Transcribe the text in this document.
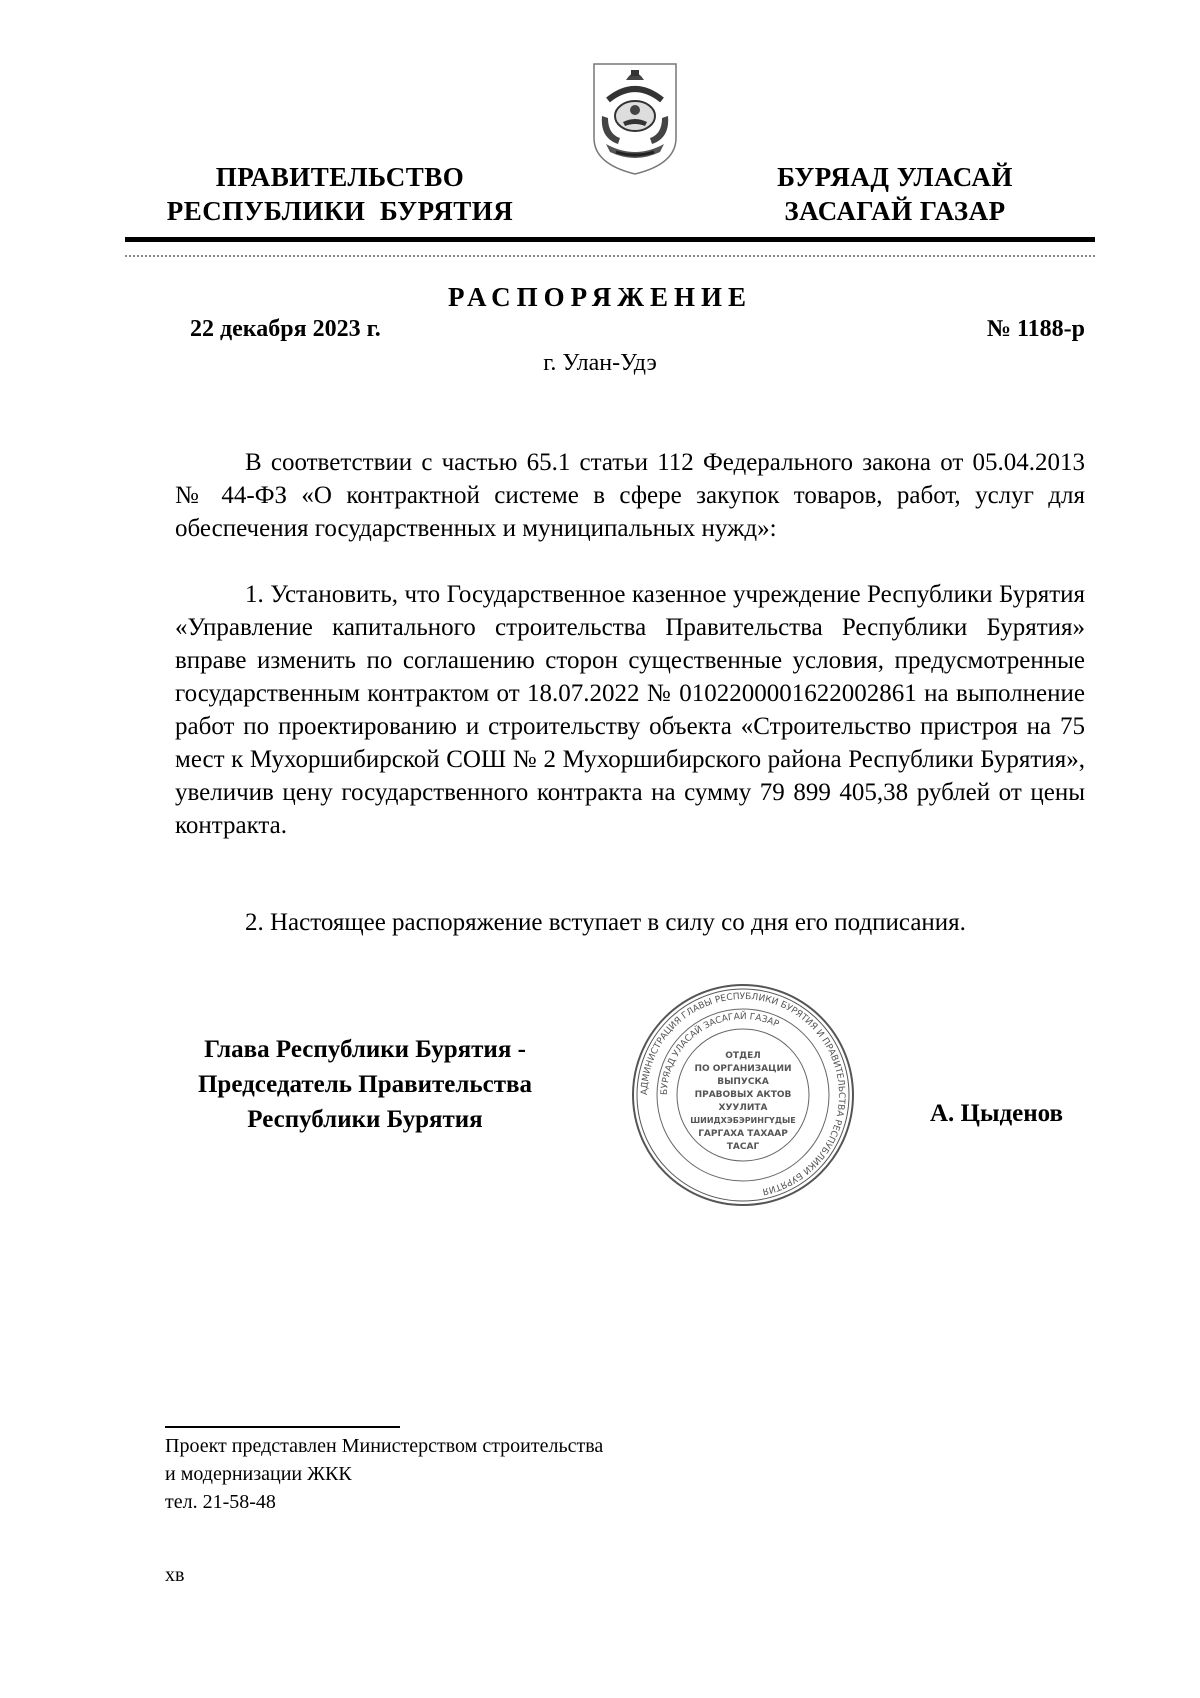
ПРАВИТЕЛЬСТВО
РЕСПУБЛИКИ  БУРЯТИЯ
БУРЯАД УЛАСАЙ
ЗАСАГАЙ ГАЗАР
РАСПОРЯЖЕНИЕ
22 декабря 2023 г.	№ 1188-р
г. Улан-Удэ

В соответствии с частью 65.1 статьи 112 Федерального закона от 05.04.2013 № 44-ФЗ «О контрактной системе в сфере закупок товаров, работ, услуг для обеспечения государственных и муниципальных нужд»:

1. Установить, что Государственное казенное учреждение Республики Бурятия «Управление капитального строительства Правительства Республики Бурятия» вправе изменить по соглашению сторон существенные условия, предусмотренные государственным контрактом от 18.07.2022 № 0102200001622002861 на выполнение работ по проектированию и строительству объекта «Строительство пристроя на 75 мест к Мухоршибирской СОШ № 2 Мухоршибирского района Республики Бурятия», увеличив цену государственного контракта на сумму 79 899 405,38 рублей от цены контракта.

2. Настоящее распоряжение вступает в силу со дня его подписания.

Глава Республики Бурятия -
Председатель Правительства
Республики Бурятия
АДМИНИСТРАЦИЯ ГЛАВЫ РЕСПУБЛИКИ БУРЯТИЯ И ПРАВИТЕЛЬСТВА РЕСПУБЛИКИ БУРЯТИЯ
БУРЯАД УЛАСАЙ ЗАСАГАЙ ГАЗАР
ОТДЕЛ
ПО ОРГАНИЗАЦИИ
ВЫПУСКА
ПРАВОВЫХ АКТОВ
ХУУЛИТА
ШИИДХЭБЭРИНГҮДЫЕ
ГАРГАХА ТАХААР
ТАСАГ
А. Цыденов
Проект представлен Министерством строительства
и модернизации ЖКК
тел. 21-58-48
хв
